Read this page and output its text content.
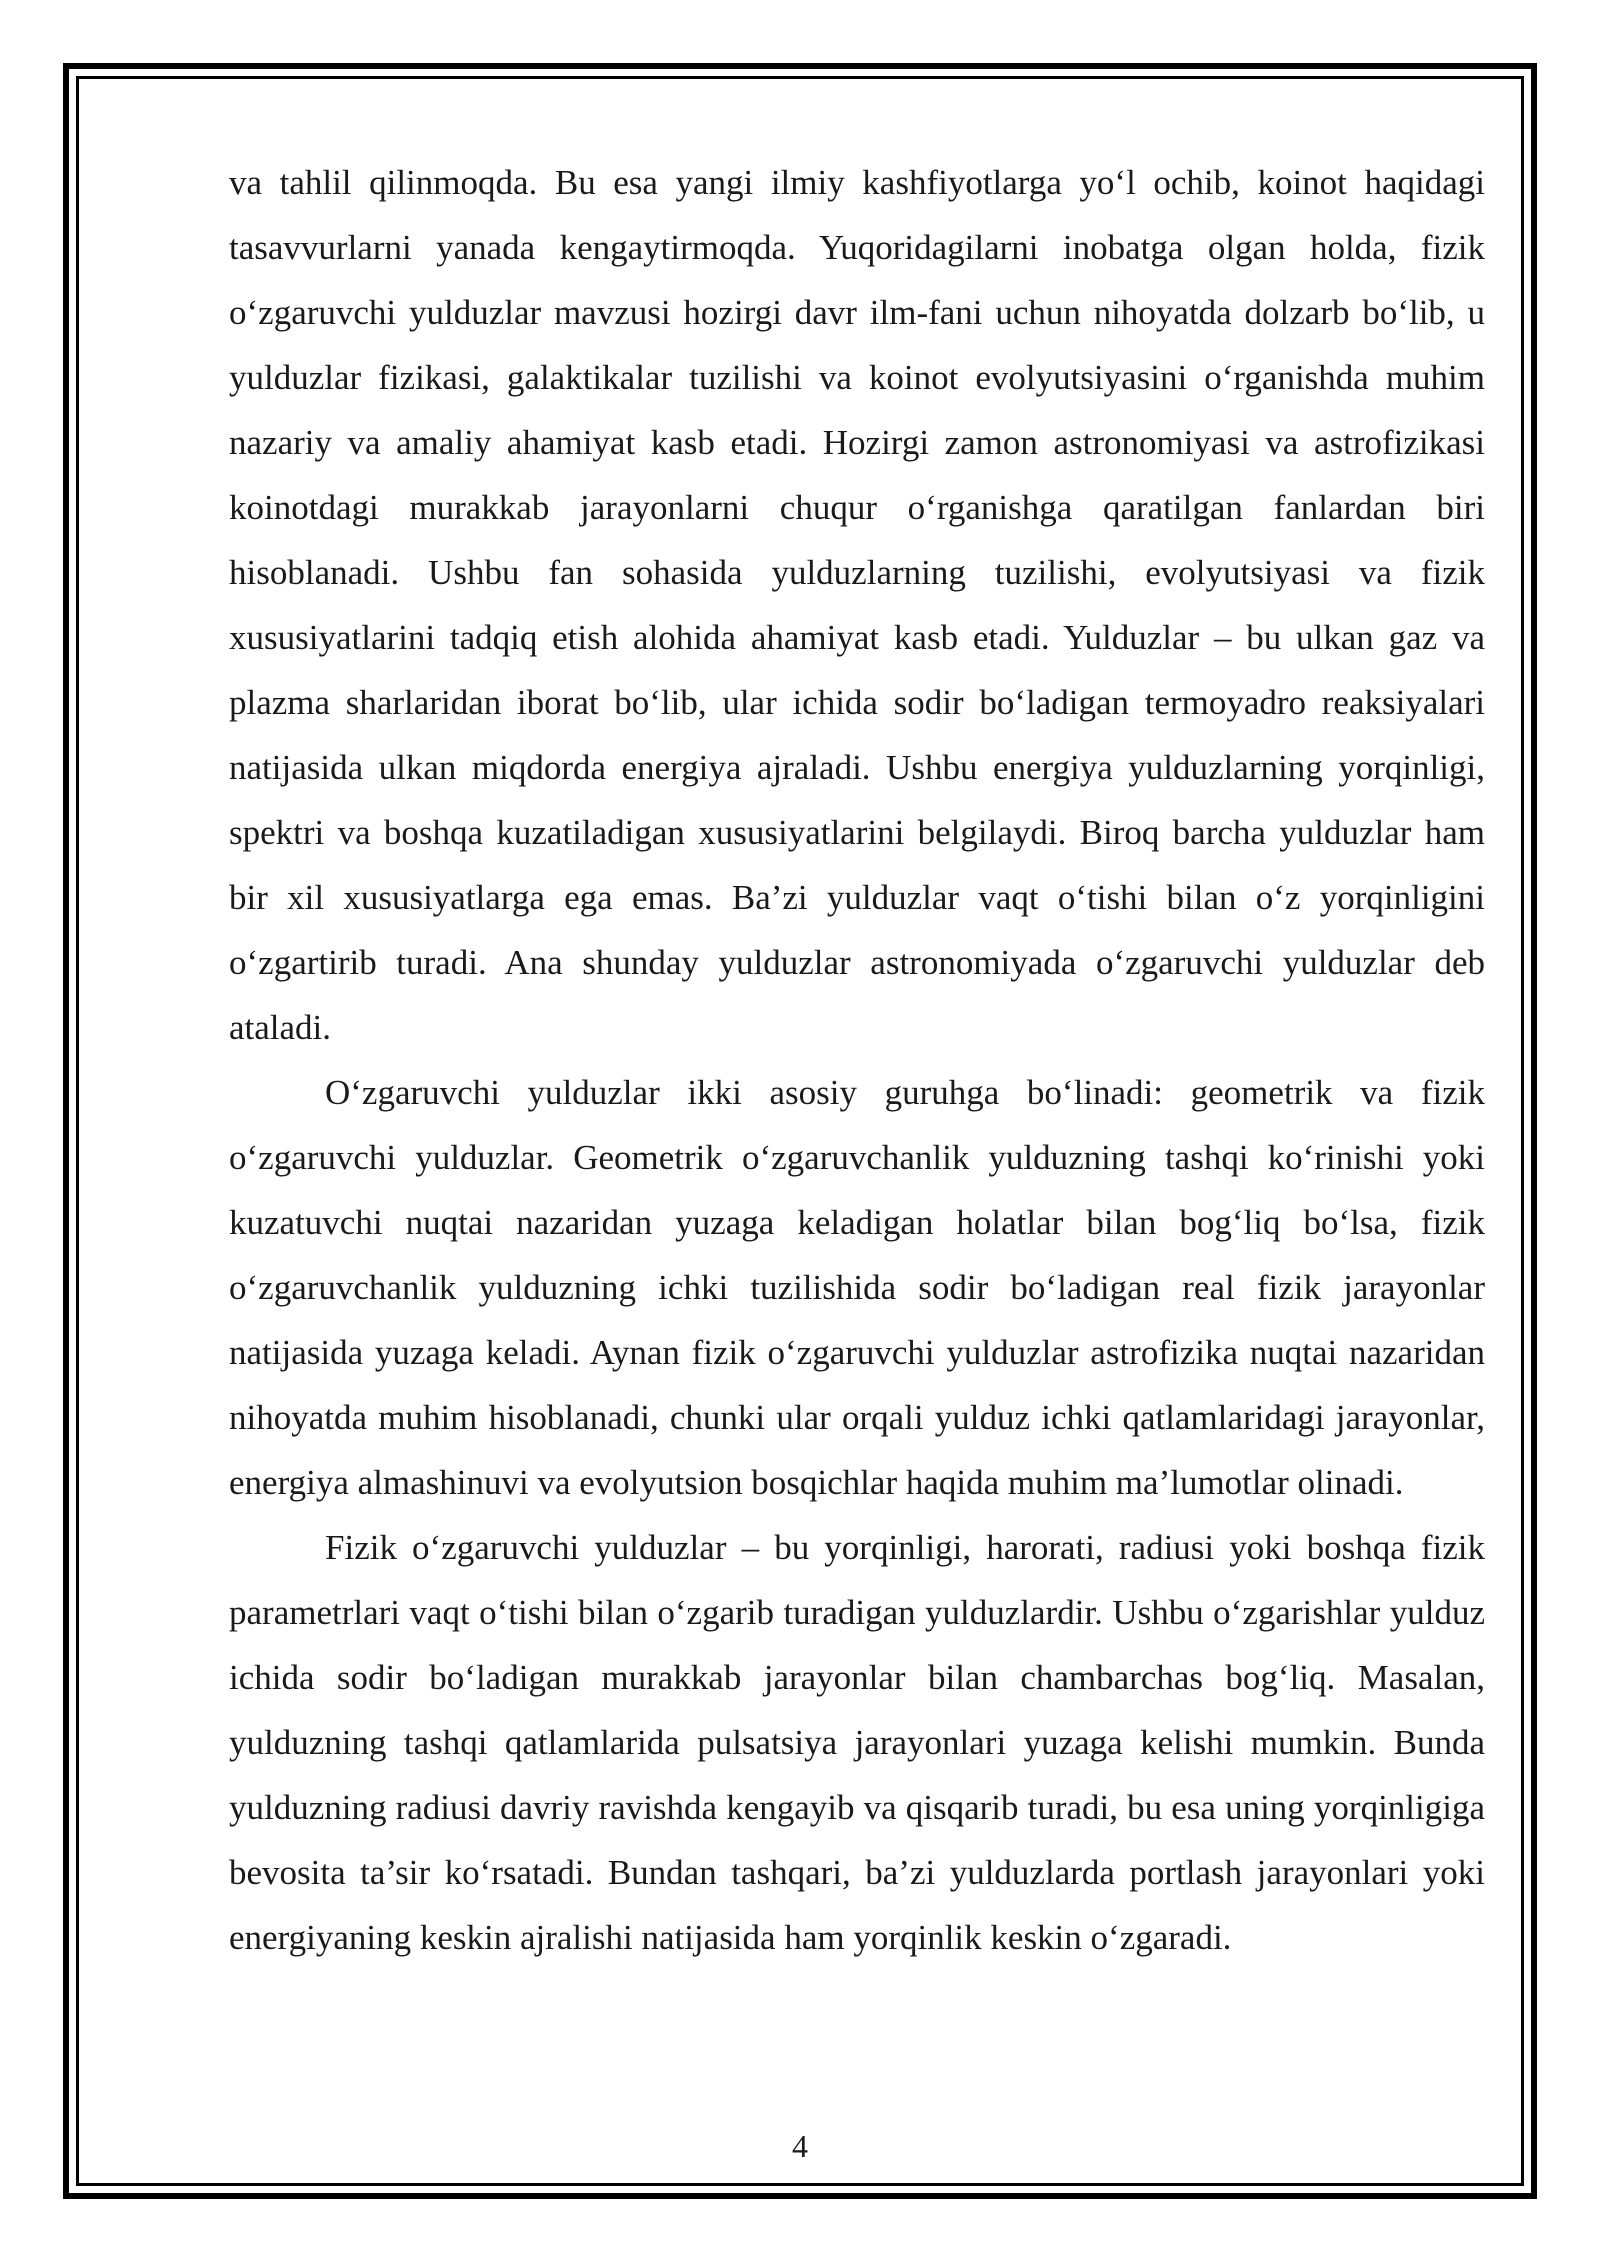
va tahlil qilinmoqda. Bu esa yangi ilmiy kashfiyotlarga yo‘l ochib, koinot haqidagi tasavvurlarni yanada kengaytirmoqda. Yuqoridagilarni inobatga olgan holda, fizik o‘zgaruvchi yulduzlar mavzusi hozirgi davr ilm-fani uchun nihoyatda dolzarb bo‘lib, u yulduzlar fizikasi, galaktikalar tuzilishi va koinot evolyutsiyasini o‘rganishda muhim nazariy va amaliy ahamiyat kasb etadi. Hozirgi zamon astronomiyasi va astrofizikasi koinotdagi murakkab jarayonlarni chuqur o‘rganishga qaratilgan fanlardan biri hisoblanadi. Ushbu fan sohasida yulduzlarning tuzilishi, evolyutsiyasi va fizik xususiyatlarini tadqiq etish alohida ahamiyat kasb etadi. Yulduzlar – bu ulkan gaz va plazma sharlaridan iborat bo‘lib, ular ichida sodir bo‘ladigan termoyadro reaksiyalari natijasida ulkan miqdorda energiya ajraladi. Ushbu energiya yulduzlarning yorqinligi, spektri va boshqa kuzatiladigan xususiyatlarini belgilaydi. Biroq barcha yulduzlar ham bir xil xususiyatlarga ega emas. Ba’zi yulduzlar vaqt o‘tishi bilan o‘z yorqinligini o‘zgartirib turadi. Ana shunday yulduzlar astronomiyada o‘zgaruvchi yulduzlar deb ataladi.

O‘zgaruvchi yulduzlar ikki asosiy guruhga bo‘linadi: geometrik va fizik o‘zgaruvchi yulduzlar. Geometrik o‘zgaruvchanlik yulduzning tashqi ko‘rinishi yoki kuzatuvchi nuqtai nazaridan yuzaga keladigan holatlar bilan bog‘liq bo‘lsa, fizik o‘zgaruvchanlik yulduzning ichki tuzilishida sodir bo‘ladigan real fizik jarayonlar natijasida yuzaga keladi. Aynan fizik o‘zgaruvchi yulduzlar astrofizika nuqtai nazaridan nihoyatda muhim hisoblanadi, chunki ular orqali yulduz ichki qatlamlaridagi jarayonlar, energiya almashinuvi va evolyutsion bosqichlar haqida muhim ma’lumotlar olinadi.

Fizik o‘zgaruvchi yulduzlar – bu yorqinligi, harorati, radiusi yoki boshqa fizik parametrlari vaqt o‘tishi bilan o‘zgarib turadigan yulduzlardir. Ushbu o‘zgarishlar yulduz ichida sodir bo‘ladigan murakkab jarayonlar bilan chambarchas bog‘liq. Masalan, yulduzning tashqi qatlamlarida pulsatsiya jarayonlari yuzaga kelishi mumkin. Bunda yulduzning radiusi davriy ravishda kengayib va qisqarib turadi, bu esa uning yorqinligiga bevosita ta’sir ko‘rsatadi. Bundan tashqari, ba’zi yulduzlarda portlash jarayonlari yoki energiyaning keskin ajralishi natijasida ham yorqinlik keskin o‘zgaradi.

4
